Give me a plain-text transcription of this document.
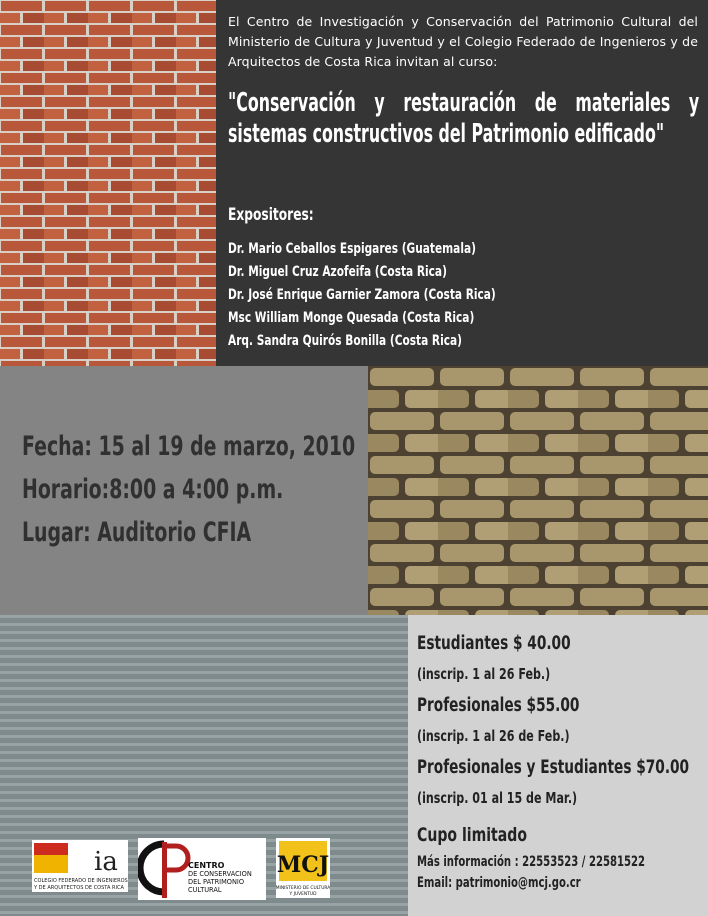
El Centro de Investigación y Conservación del Patrimonio Cultural del Ministerio de Cultura y Juventud y el Colegio Federado de Ingenieros y de Arquitectos de Costa Rica invitan al curso:
"Conservación y restauración de materiales y sistemas constructivos del Patrimonio edificado"
Expositores:
Dr. Mario Ceballos Espigares (Guatemala)
Dr. Miguel Cruz Azofeifa (Costa Rica)
Dr. José Enrique Garnier Zamora (Costa Rica)
Msc William Monge Quesada (Costa Rica)
Arq. Sandra Quirós Bonilla (Costa Rica)
Fecha: 15 al 19 de marzo, 2010
Horario:8:00 a 4:00 p.m.
Lugar: Auditorio CFIA
Estudiantes $ 40.00
(inscrip. 1 al 26 Feb.)
Profesionales $55.00
(inscrip. 1 al 26 de Feb.)
Profesionales y Estudiantes $70.00
(inscrip. 01 al 15 de Mar.)
Cupo limitado
Más información : 22553523 / 22581522
Email: patrimonio@mcj.go.cr
ia
COLEGIO FEDERADO DE INGENIEROS
Y DE ARQUITECTOS DE COSTA RICA
CP
CENTRO
DE CONSERVACION
DEL PATRIMONIO
CULTURAL
MCJ
MINISTERIO DE CULTURA
Y JUVENTUD
